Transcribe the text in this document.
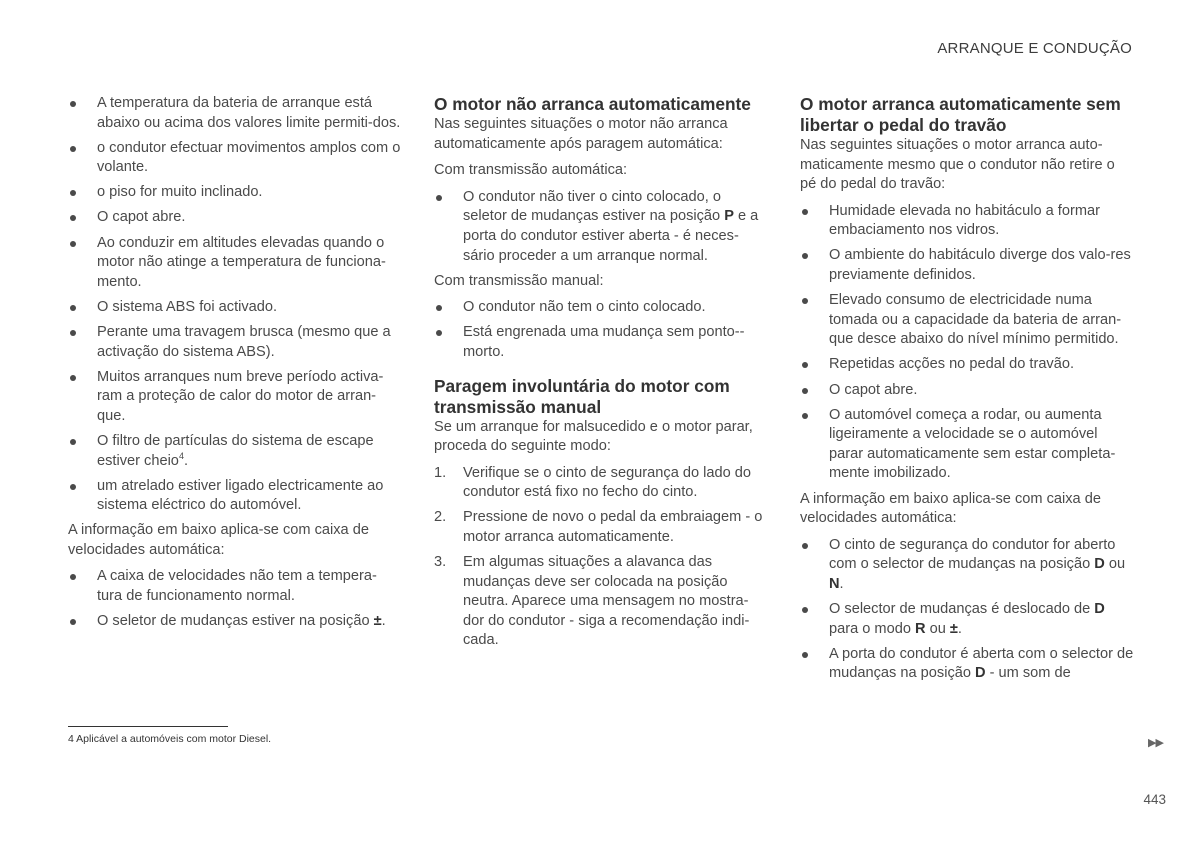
ARRANQUE E CONDUÇÃO
A temperatura da bateria de arranque está abaixo ou acima dos valores limite permiti-dos.
o condutor efectuar movimentos amplos com o volante.
o piso for muito inclinado.
O capot abre.
Ao conduzir em altitudes elevadas quando o motor não atinge a temperatura de funciona-mento.
O sistema ABS foi activado.
Perante uma travagem brusca (mesmo que a activação do sistema ABS).
Muitos arranques num breve período activa-ram a proteção de calor do motor de arran-que.
O filtro de partículas do sistema de escape estiver cheio$^4$.
um atrelado estiver ligado electricamente ao sistema eléctrico do automóvel.

A informação em baixo aplica-se com caixa de velocidades automática:

A caixa de velocidades não tem a tempera-tura de funcionamento normal.
O seletor de mudanças estiver na posição ±.
O motor não arranca automaticamente

Nas seguintes situações o motor não arranca automaticamente após paragem automática:

Com transmissão automática:

O condutor não tiver o cinto colocado, o seletor de mudanças estiver na posição P e a porta do condutor estiver aberta - é neces-sário proceder a um arranque normal.

Com transmissão manual:

O condutor não tem o cinto colocado.
Está engrenada uma mudança sem ponto--morto.
Paragem involuntária do motor com transmissão manual

Se um arranque for malsucedido e o motor parar, proceda do seguinte modo:

1. Verifique se o cinto de segurança do lado do condutor está fixo no fecho do cinto.
2. Pressione de novo o pedal da embraiagem - o motor arranca automaticamente.
3. Em algumas situações a alavanca das mudanças deve ser colocada na posição neutra. Aparece uma mensagem no mostra-dor do condutor - siga a recomendação indi-cada.
O motor arranca automaticamente sem libertar o pedal do travão

Nas seguintes situações o motor arranca auto-maticamente mesmo que o condutor não retire o pé do pedal do travão:

Humidade elevada no habitáculo a formar embaciamento nos vidros.
O ambiente do habitáculo diverge dos valo-res previamente definidos.
Elevado consumo de electricidade numa tomada ou a capacidade da bateria de arran-que desce abaixo do nível mínimo permitido.
Repetidas acções no pedal do travão.
O capot abre.
O automóvel começa a rodar, ou aumenta ligeiramente a velocidade se o automóvel parar automaticamente sem estar completa-mente imobilizado.

A informação em baixo aplica-se com caixa de velocidades automática:

O cinto de segurança do condutor for aberto com o selector de mudanças na posição D ou N.
O selector de mudanças é deslocado de D para o modo R ou ±.
A porta do condutor é aberta com o selector de mudanças na posição D - um som de
4 Aplicável a automóveis com motor Diesel.	▶▶
443
